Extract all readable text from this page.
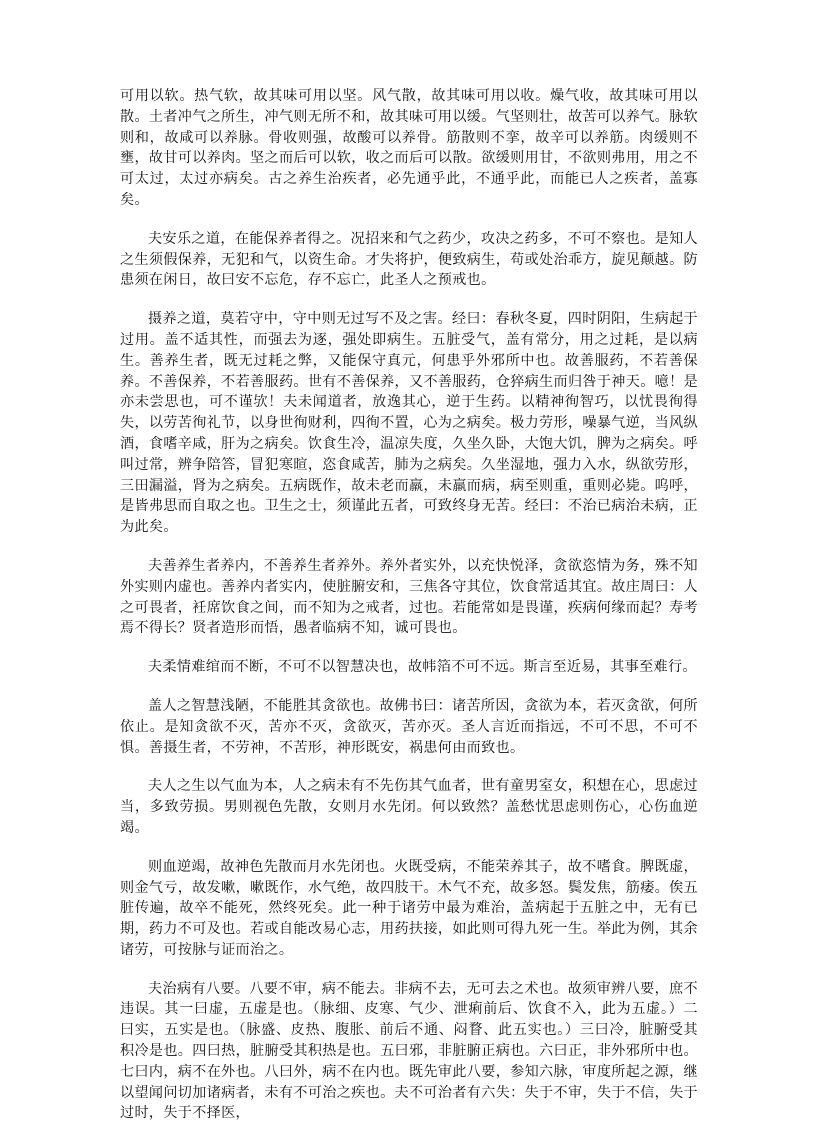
可用以软。热气软，故其味可用以坚。风气散，故其味可用以收。燥气收，故其味可用以散。土者冲气之所生，冲气则无所不和，故其味可用以缓。气坚则壮，故苦可以养气。脉软则和，故咸可以养脉。骨收则强，故酸可以养骨。筋散则不挛，故辛可以养筋。肉缓则不壅，故甘可以养肉。坚之而后可以软，收之而后可以散。欲缓则用甘，不欲则弗用，用之不可太过，太过亦病矣。古之养生治疾者，必先通乎此，不通乎此，而能已人之疾者，盖寡矣。

夫安乐之道，在能保养者得之。况招来和气之药少，攻决之药多，不可不察也。是知人之生须假保养，无犯和气，以资生命。才失将护，便致病生，苟或处治乖方，旋见颠越。防患须在闲日，故曰安不忘危，存不忘亡，此圣人之预戒也。

摄养之道，莫若守中，守中则无过写不及之害。经曰：春秋冬夏，四时阴阳，生病起于过用。盖不适其性，而强去为逐，强处即病生。五脏受气，盖有常分，用之过耗，是以病生。善养生者，既无过耗之弊，又能保守真元，何患乎外邪所中也。故善服药，不若善保养。不善保养，不若善服药。世有不善保养，又不善服药，仓猝病生而归咎于神天。噫！是亦未尝思也，可不谨欤！夫未闻道者，放逸其心，逆于生药。以精神徇智巧，以忧畏徇得失，以劳苦徇礼节，以身世徇财利，四徇不置，心为之病矣。极力劳形，噪暴气逆，当风纵酒，食嗜辛咸，肝为之病矣。饮食生冷，温凉失度，久坐久卧，大饱大饥，脾为之病矣。呼叫过常，辨争陪答，冒犯寒暄，恣食咸苦，肺为之病矣。久坐湿地，强力入水，纵欲劳形，三田漏溢，肾为之病矣。五病既作，故未老而羸，未羸而病，病至则重，重则必毙。呜呼，是皆弗思而自取之也。卫生之士，须谨此五者，可致终身无苦。经曰：不治已病治未病，正为此矣。

夫善养生者养内，不善养生者养外。养外者实外，以充快悦泽，贪欲恣情为务，殊不知外实则内虚也。善养内者实内，使脏腑安和，三焦各守其位，饮食常适其宜。故庄周曰：人之可畏者，衽席饮食之间，而不知为之戒者，过也。若能常如是畏谨，疾病何缘而起？寿考焉不得长？贤者造形而悟，愚者临病不知，诚可畏也。

夫柔情难绾而不断，不可不以智慧决也，故帏箔不可不远。斯言至近易，其事至难行。

盖人之智慧浅陋，不能胜其贪欲也。故佛书曰：诸苦所因，贪欲为本，若灭贪欲，何所依止。是知贪欲不灭，苦亦不灭，贪欲灭，苦亦灭。圣人言近而指远，不可不思，不可不惧。善摄生者，不劳神，不苦形，神形既安，祸患何由而致也。

夫人之生以气血为本，人之病未有不先伤其气血者，世有童男室女，积想在心，思虑过当，多致劳损。男则视色先散，女则月水先闭。何以致然？盖愁忧思虑则伤心，心伤血逆竭。

则血逆竭，故神色先散而月水先闭也。火既受病，不能荣养其子，故不嗜食。脾既虚，则金气亏，故发嗽，嗽既作，水气绝，故四肢干。木气不充，故多怒。鬓发焦，筋痿。俟五脏传遍，故卒不能死，然终死矣。此一种于诸劳中最为难治，盖病起于五脏之中，无有已期，药力不可及也。若或自能改易心志，用药扶接，如此则可得九死一生。举此为例，其余诸劳，可按脉与证而治之。

夫治病有八要。八要不审，病不能去。非病不去，无可去之术也。故须审辨八要，庶不违误。其一曰虚，五虚是也。（脉细、皮寒、气少、泄痢前后、饮食不入，此为五虚。）二曰实，五实是也。（脉盛、皮热、腹胀、前后不通、闷瞀、此五实也。）三曰冷，脏腑受其积冷是也。四曰热，脏腑受其积热是也。五曰邪，非脏腑正病也。六曰正，非外邪所中也。七曰内，病不在外也。八曰外，病不在内也。既先审此八要，参知六脉，审度所起之源，继以望闻问切加诸病者，未有不可治之疾也。夫不可治者有六失：失于不审，失于不信，失于过时，失于不择医，
